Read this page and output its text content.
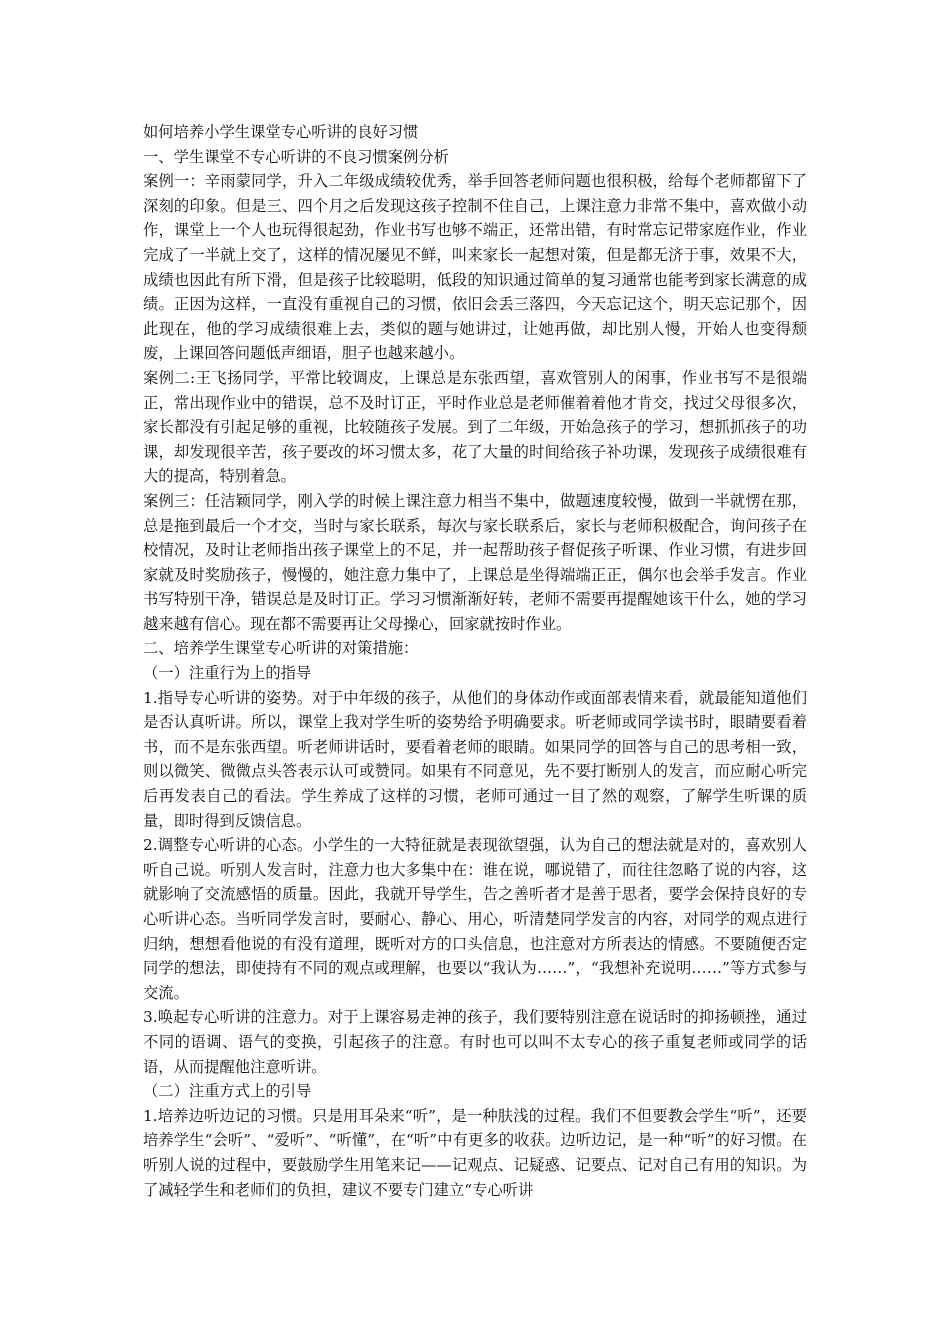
如何培养小学生课堂专心听讲的良好习惯

一、学生课堂不专心听讲的不良习惯案例分析

案例一：辛雨蒙同学，升入二年级成绩较优秀，举手回答老师问题也很积极，给每个老师都留下了深刻的印象。但是三、四个月之后发现这孩子控制不住自己，上课注意力非常不集中，喜欢做小动作，课堂上一个人也玩得很起劲，作业书写也够不端正，还常出错，有时常忘记带家庭作业，作业完成了一半就上交了，这样的情况屡见不鲜，叫来家长一起想对策，但是都无济于事，效果不大，成绩也因此有所下滑，但是孩子比较聪明，低段的知识通过简单的复习通常也能考到家长满意的成绩。正因为这样，一直没有重视自己的习惯，依旧会丢三落四，今天忘记这个，明天忘记那个，因此现在，他的学习成绩很难上去，类似的题与她讲过，让她再做，却比别人慢，开始人也变得颓废，上课回答问题低声细语，胆子也越来越小。

案例二:王飞扬同学，平常比较调皮，上课总是东张西望，喜欢管别人的闲事，作业书写不是很端正，常出现作业中的错误，总不及时订正，平时作业总是老师催着着他才肯交，找过父母很多次，家长都没有引起足够的重视，比较随孩子发展。到了二年级，开始急孩子的学习，想抓抓孩子的功课，却发现很辛苦，孩子要改的坏习惯太多，花了大量的时间给孩子补功课，发现孩子成绩很难有大的提高，特别着急。

案例三：任洁颖同学，刚入学的时候上课注意力相当不集中，做题速度较慢，做到一半就愣在那，总是拖到最后一个才交，当时与家长联系，每次与家长联系后，家长与老师积极配合，询问孩子在校情况，及时让老师指出孩子课堂上的不足，并一起帮助孩子督促孩子听课、作业习惯，有进步回家就及时奖励孩子，慢慢的，她注意力集中了，上课总是坐得端端正正，偶尔也会举手发言。作业书写特别干净，错误总是及时订正。学习习惯渐渐好转，老师不需要再提醒她该干什么，她的学习越来越有信心。现在都不需要再让父母操心，回家就按时作业。

二、培养学生课堂专心听讲的对策措施：

（一）注重行为上的指导

1.指导专心听讲的姿势。对于中年级的孩子，从他们的身体动作或面部表情来看，就最能知道他们是否认真听讲。所以，课堂上我对学生听的姿势给予明确要求。听老师或同学读书时，眼睛要看着书，而不是东张西望。听老师讲话时，要看着老师的眼睛。如果同学的回答与自己的思考相一致，则以微笑、微微点头答表示认可或赞同。如果有不同意见，先不要打断别人的发言，而应耐心听完后再发表自己的看法。学生养成了这样的习惯，老师可通过一目了然的观察，了解学生听课的质量，即时得到反馈信息。

2.调整专心听讲的心态。小学生的一大特征就是表现欲望强，认为自己的想法就是对的，喜欢别人听自己说。听别人发言时，注意力也大多集中在：谁在说，哪说错了，而往往忽略了说的内容，这就影响了交流感悟的质量。因此，我就开导学生，告之善听者才是善于思者，要学会保持良好的专心听讲心态。当听同学发言时，要耐心、静心、用心，听清楚同学发言的内容，对同学的观点进行归纳，想想看他说的有没有道理，既听对方的口头信息，也注意对方所表达的情感。不要随便否定同学的想法，即使持有不同的观点或理解，也要以“我认为……”，“我想补充说明……”等方式参与交流。

3.唤起专心听讲的注意力。对于上课容易走神的孩子，我们要特别注意在说话时的抑扬顿挫，通过不同的语调、语气的变换，引起孩子的注意。有时也可以叫不太专心的孩子重复老师或同学的话语，从而提醒他注意听讲。

（二）注重方式上的引导

1.培养边听边记的习惯。只是用耳朵来“听”，是一种肤浅的过程。我们不但要教会学生“听”，还要培养学生“会听”、“爱听”、“听懂”，在“听”中有更多的收获。边听边记，是一种“听”的好习惯。在听别人说的过程中，要鼓励学生用笔来记——记观点、记疑惑、记要点、记对自己有用的知识。为了减轻学生和老师们的负担，建议不要专门建立“专心听讲
